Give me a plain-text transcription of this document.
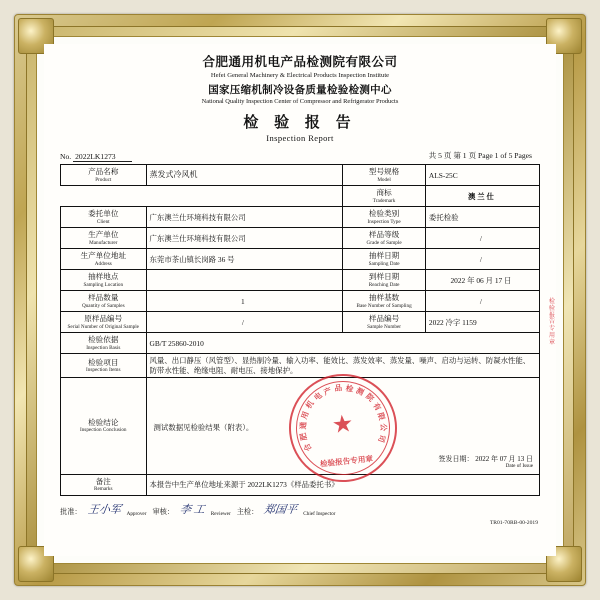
合肥通用机电产品检测院有限公司
Hefei General Machinery & Electrical Products Inspection Institute
国家压缩机制冷设备质量检验检测中心
National Quality Inspection Center of Compressor and Refrigerator Products
检 验 报 告
Inspection Report
No. 2022LK1273	共 5 页 第 1 页 Page 1 of 5 Pages
产品名称
Product	蒸发式冷风机	型号规格
Model	ALS-25C

		商标
Trademark	澳 兰 仕

委托单位
Client	广东澳兰仕环境科技有限公司	检验类别
Inspection Type	委托检验

生产单位
Manufacturer	广东澳兰仕环境科技有限公司	样品等级
Grade of Sample	/

生产单位地址
Address	东莞市茶山镇长岗路 36 号	抽样日期
Sampling Date	/

抽样地点
Sampling Location		到样日期
Reaching Date	2022 年 06 月 17 日

样品数量
Quantity of Samples	1	抽样基数
Base Number of Sampling	/

原样品编号
Serial Number of Original Sample	/	样品编号
Sample Number	2022 冷字 1159

检验依据
Inspection Basis	GB/T 25860-2010		

检验项目
Inspection Items	风量、出口静压（风管型）、显热制冷量、输入功率、能效比、蒸发效率、蒸发量、噪声、启动与运转、防凝水性能、防带水性能、绝缘电阻、耐电压、接地保护。		

检验结论
Inspection Conclusion	测试数据见检验结果（附表）。
合
肥
通
用
机
电
产 品 检 测
院
有
限
公
司
★
检验报告专用章	签发日期： 2022 年 07 月 13 日
Date of Issue

备注
Remarks	本报告中生产单位地址来源于 2022LK1273《样品委托书》		
批准： 王小军	Approver 审核： 李 工	Reviewer 主检： 郑国平	Chief Inspector
TR01-70RB-00-2019
检
验
报
告
专
用
章
